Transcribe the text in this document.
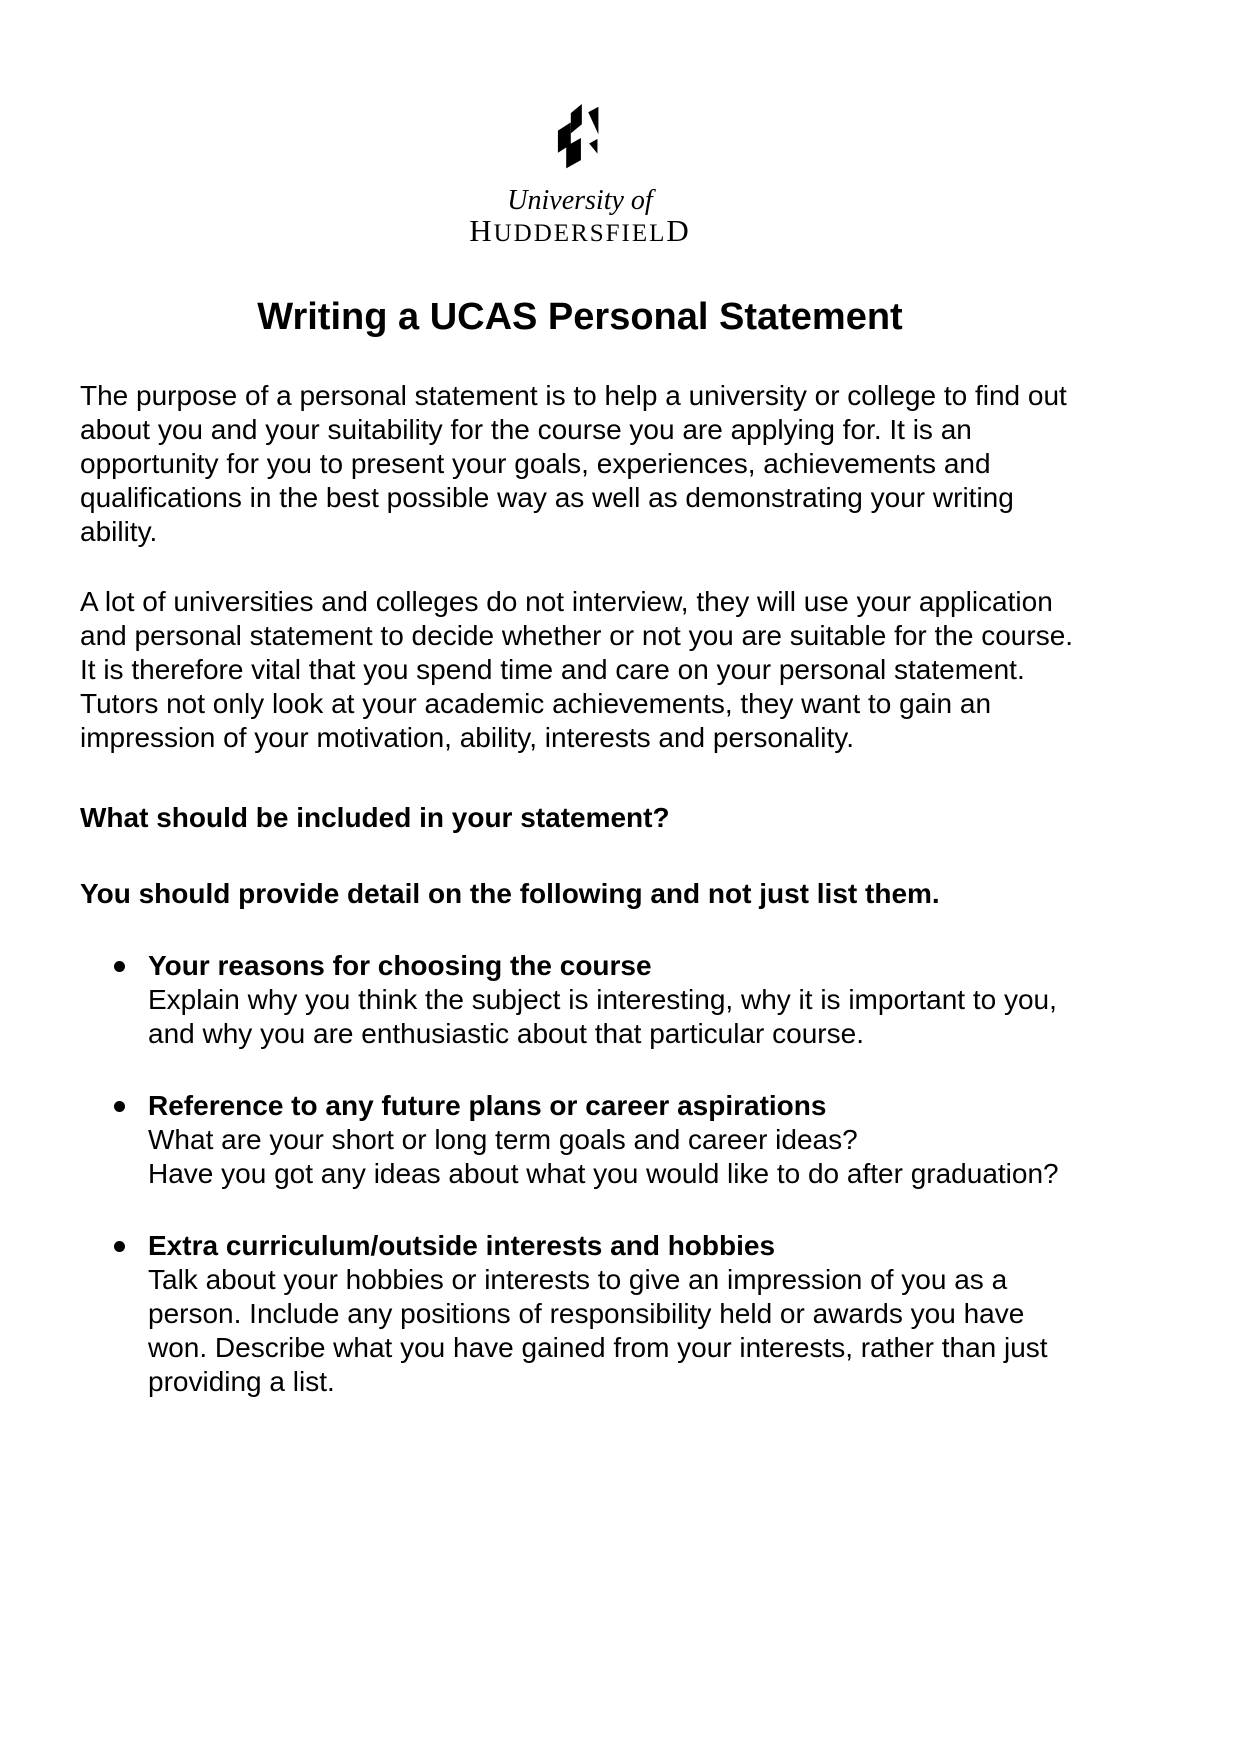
University of
HUDDERSFIELD
Writing a UCAS Personal Statement

The purpose of a personal statement is to help a university or college to find out about you and your suitability for the course you are applying for. It is an opportunity for you to present your goals, experiences, achievements and qualifications in the best possible way as well as demonstrating your writing ability.

A lot of universities and colleges do not interview, they will use your application and personal statement to decide whether or not you are suitable for the course. It is therefore vital that you spend time and care on your personal statement. Tutors not only look at your academic achievements, they want to gain an impression of your motivation, ability, interests and personality.

What should be included in your statement?
You should provide detail on the following and not just list them.
Your reasons for choosing the course
Explain why you think the subject is interesting, why it is important to you, and why you are enthusiastic about that particular course.
Reference to any future plans or career aspirations
What are your short or long term goals and career ideas?
Have you got any ideas about what you would like to do after graduation?
Extra curriculum/outside interests and hobbies
Talk about your hobbies or interests to give an impression of you as a person. Include any positions of responsibility held or awards you have won. Describe what you have gained from your interests, rather than just providing a list.
